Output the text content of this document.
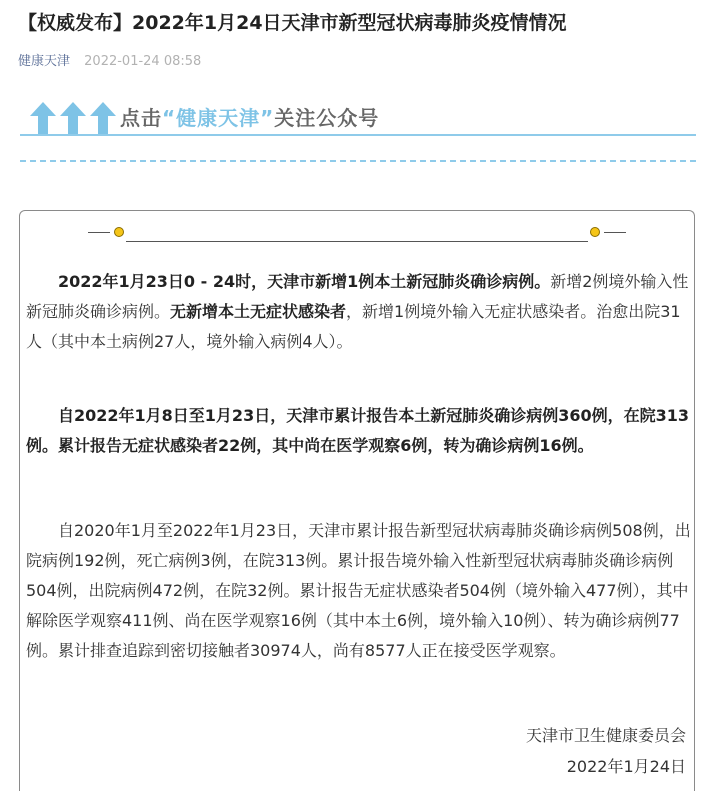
【权威发布】2022年1月24日天津市新型冠状病毒肺炎疫情情况
健康天津 2022-01-24 08:58
点击“健康天津”关注公众号

2022年1月23日0 - 24时，天津市新增1例本土新冠肺炎确诊病例。新增2例境外输入性新冠肺炎确诊病例。无新增本土无症状感染者，新增1例境外输入无症状感染者。治愈出院31人（其中本土病例27人，境外输入病例4人）。

自2022年1月8日至1月23日，天津市累计报告本土新冠肺炎确诊病例360例，在院313例。累计报告无症状感染者22例，其中尚在医学观察6例，转为确诊病例16例。

自2020年1月至2022年1月23日，天津市累计报告新型冠状病毒肺炎确诊病例508例，出院病例192例，死亡病例3例，在院313例。累计报告境外输入性新型冠状病毒肺炎确诊病例504例，出院病例472例，在院32例。累计报告无症状感染者504例（境外输入477例），其中解除医学观察411例、尚在医学观察16例（其中本土6例，境外输入10例）、转为确诊病例77例。累计排查追踪到密切接触者30974人，尚有8577人正在接受医学观察。

天津市卫生健康委员会
2022年1月24日
